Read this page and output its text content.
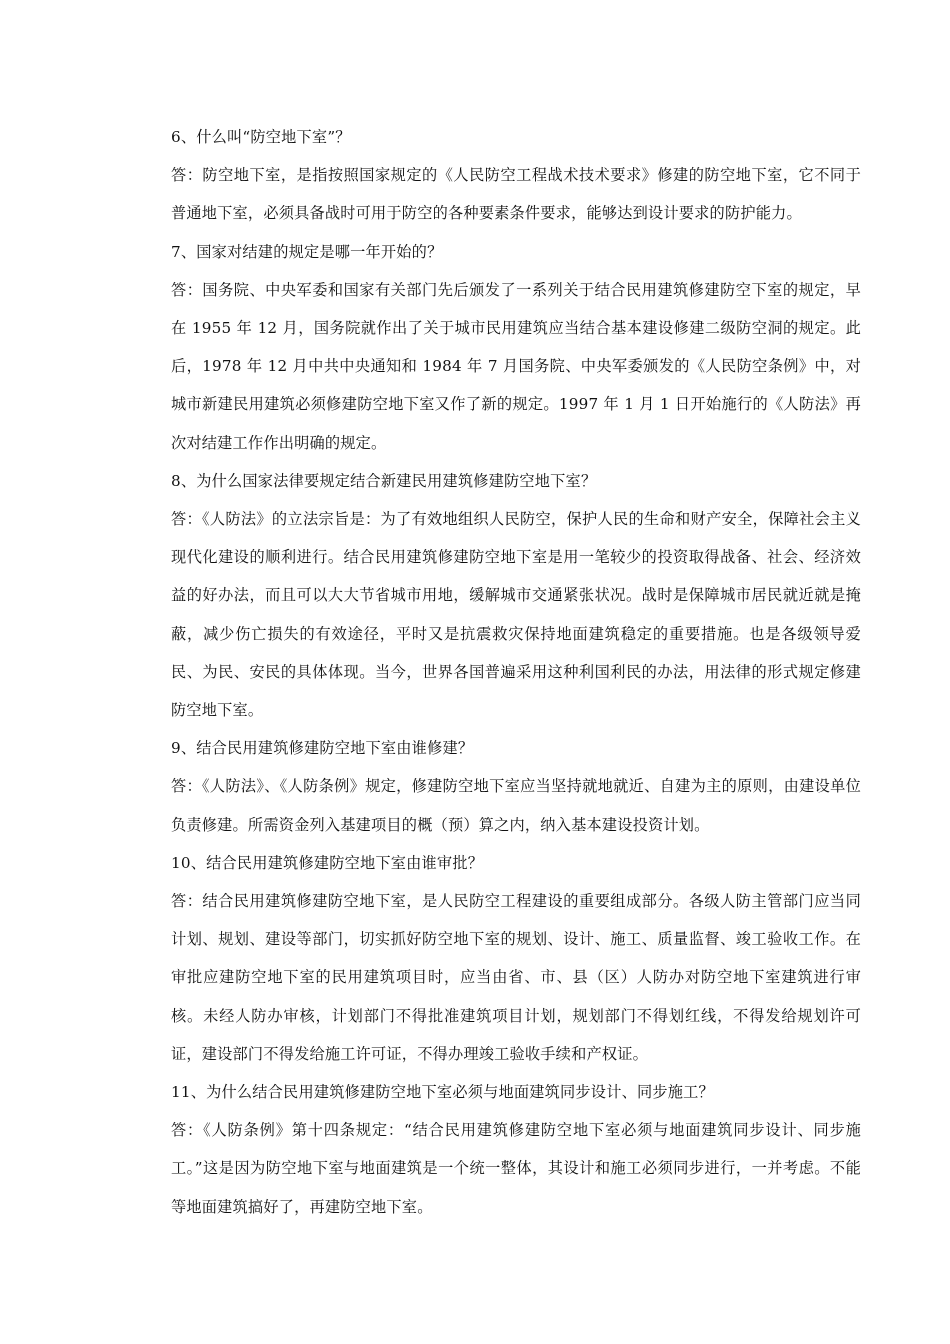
6、什么叫“防空地下室”？

答：防空地下室，是指按照国家规定的《人民防空工程战术技术要求》修建的防空地下室，它不同于普通地下室，必须具备战时可用于防空的各种要素条件要求，能够达到设计要求的防护能力。

7、国家对结建的规定是哪一年开始的？

答：国务院、中央军委和国家有关部门先后颁发了一系列关于结合民用建筑修建防空下室的规定，早在 1955 年 12 月，国务院就作出了关于城市民用建筑应当结合基本建设修建二级防空洞的规定。此后，1978 年 12 月中共中央通知和 1984 年 7 月国务院、中央军委颁发的《人民防空条例》中，对城市新建民用建筑必须修建防空地下室又作了新的规定。1997 年 1 月 1 日开始施行的《人防法》再次对结建工作作出明确的规定。

8、为什么国家法律要规定结合新建民用建筑修建防空地下室？

答：《人防法》的立法宗旨是：为了有效地组织人民防空，保护人民的生命和财产安全，保障社会主义现代化建设的顺利进行。结合民用建筑修建防空地下室是用一笔较少的投资取得战备、社会、经济效益的好办法，而且可以大大节省城市用地，缓解城市交通紧张状况。战时是保障城市居民就近就是掩蔽，减少伤亡损失的有效途径，平时又是抗震救灾保持地面建筑稳定的重要措施。也是各级领导爱民、为民、安民的具体体现。当今，世界各国普遍采用这种利国利民的办法，用法律的形式规定修建防空地下室。

9、结合民用建筑修建防空地下室由谁修建？

答：《人防法》、《人防条例》规定，修建防空地下室应当坚持就地就近、自建为主的原则，由建设单位负责修建。所需资金列入基建项目的概（预）算之内，纳入基本建设投资计划。

10、结合民用建筑修建防空地下室由谁审批？

答：结合民用建筑修建防空地下室，是人民防空工程建设的重要组成部分。各级人防主管部门应当同计划、规划、建设等部门，切实抓好防空地下室的规划、设计、施工、质量监督、竣工验收工作。在审批应建防空地下室的民用建筑项目时，应当由省、市、县（区）人防办对防空地下室建筑进行审核。未经人防办审核，计划部门不得批准建筑项目计划，规划部门不得划红线，不得发给规划许可证，建设部门不得发给施工许可证，不得办理竣工验收手续和产权证。

11、为什么结合民用建筑修建防空地下室必须与地面建筑同步设计、同步施工？

答：《人防条例》第十四条规定：“结合民用建筑修建防空地下室必须与地面建筑同步设计、同步施工。”这是因为防空地下室与地面建筑是一个统一整体，其设计和施工必须同步进行，一并考虑。不能等地面建筑搞好了，再建防空地下室。
